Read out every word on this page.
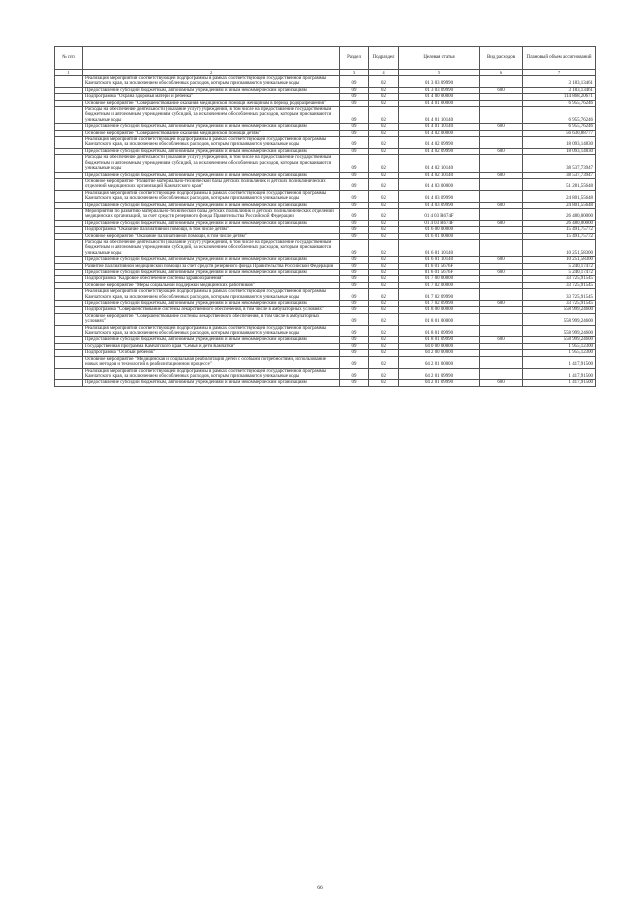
№ п/п		Раздел	Подраздел	Целевая статья	Вид расходов	Плановый объем ассигнований
1	2	3	4	5	6	7
	Реализация мероприятий соответствующей подпрограммы в рамках соответствующей государственной программы Камчатского края, за исключением обособленных расходов, которым присваиваются уникальные коды	09	02	01 3 03 09990		3 183,13461
	Предоставление субсидий бюджетным, автономным учреждениям и иным некоммерческим организациям	09	02	01 3 03 09990	600	3 183,13461
	Подпрограмма "Охрана здоровья матери и ребенка"	09	02	01 4 00 00000		114 868,20671
	Основное мероприятие "Совершенствование оказания медицинской помощи женщинам в период родоразрешения"	09	02	01 4 01 00000		6 955,76246
	Расходы на обеспечение деятельности (оказание услуг) учреждений, в том числе на предоставление государственным бюджетным и автономным учреждениям субсидий, за исключением обособленных расходов, которым присваиваются уникальные коды	09	02	01 4 01 10140		6 955,76246
	Предоставление субсидий бюджетным, автономным учреждениям и иным некоммерческим организациям	09	02	01 4 01 10140	600	6 955,76246
	Основное мероприятие "Совершенствование оказания медицинской помощи детям"	09	02	01 4 02 00000		56 630,88777
	Реализация мероприятий соответствующей подпрограммы в рамках соответствующей государственной программы Камчатского края, за исключением обособленных расходов, которым присваиваются уникальные коды	09	02	01 4 02 09990		18 093,14830
	Предоставление субсидий бюджетным, автономным учреждениям и иным некоммерческим организациям	09	02	01 4 02 09990	600	18 093,14830
	Расходы на обеспечение деятельности (оказание услуг) учреждений, в том числе на предоставление государственным бюджетным и автономным учреждениям субсидий, за исключением обособленных расходов, которым присваиваются уникальные коды	09	02	01 4 02 10140		38 537,73947
	Предоставление субсидий бюджетным, автономным учреждениям и иным некоммерческим организациям	09	02	01 4 02 10140	600	38 537,73947
	Основное мероприятие "Развитие материально-технической базы детских поликлиник и детских поликлинических отделений медицинских организаций Камчатского края"	09	02	01 4 03 00000		51 281,55648
	Реализация мероприятий соответствующей подпрограммы в рамках соответствующей государственной программы Камчатского края, за исключением обособленных расходов, которым присваиваются уникальные коды	09	02	01 4 03 09990		24 801,55648
	Предоставление субсидий бюджетным, автономным учреждениям и иным некоммерческим организациям	09	02	01 4 03 09990	600	24 801,55648
	Мероприятия по развитию материально-технической базы детских поликлиник и детских поликлинических отделений медицинских организаций, за счет средств резервного фонда Правительства Российской Федерации	09	02	01 4 03 R674F		26 480,00000
	Предоставление субсидий бюджетным, автономным учреждениям и иным некоммерческим организациям	09	02	01 4 03 R674F	600	26 480,00000
	Подпрограмма "Оказание паллиативной помощи, в том числе детям"	09	02	01 6 00 00000		15 491,75772
	Основное мероприятие "Оказание паллиативной помощи, в том числе детям"	09	02	01 6 01 00000		15 491,75772
	Расходы на обеспечение деятельности (оказание услуг) учреждений, в том числе на предоставление государственным бюджетным и автономным учреждениям субсидий, за исключением обособленных расходов, которым присваиваются уникальные коды	09	02	01 6 01 10140		10 251,58300
	Предоставление субсидий бюджетным, автономным учреждениям и иным некоммерческим организациям	09	02	01 6 01 10140	600	10 251,58300
	Развитие паллиативной медицинской помощи за счет средств резервного фонда Правительства Российской Федерации	09	02	01 6 01 5676F		5 240,17472
	Предоставление субсидий бюджетным, автономным учреждениям и иным некоммерческим организациям	09	02	01 6 01 5676F	600	5 240,17472
	Подпрограмма "Кадровое обеспечение системы здравоохранения"	09	02	01 7 00 00000		33 725,91545
	Основное мероприятие "Меры социальной поддержки медицинских работников"	09	02	01 7 02 00000		33 725,91545
	Реализация мероприятий соответствующей подпрограммы в рамках соответствующей государственной программы Камчатского края, за исключением обособленных расходов, которым присваиваются уникальные коды	09	02	01 7 02 09990		33 725,91545
	Предоставление субсидий бюджетным, автономным учреждениям и иным некоммерческим организациям	09	02	01 7 02 09990	600	33 725,91545
	Подпрограмма "Совершенствование системы лекарственного обеспечения, в том числе в амбулаторных условиях"	09	02	01 8 00 00000		558 999,24600
	Основное мероприятие "Совершенствование системы лекарственного обеспечения, в том числе в амбулаторных условиях"	09	02	01 8 01 00000		558 999,24600
	Реализация мероприятий соответствующей подпрограммы в рамках соответствующей государственной программы Камчатского края, за исключением обособленных расходов, которым присваиваются уникальные коды	09	02	01 8 01 09990		558 999,24600
	Предоставление субсидий бюджетным, автономным учреждениям и иным некоммерческим организациям	09	02	01 8 01 09990	600	558 999,24600
	Государственная программа Камчатского края "Семья и дети Камчатки"	09	02	04 0 00 00000		1 955,12300
	Подпрограмма "Особый ребенок"	09	02	04 2 00 00000		1 955,12300
	Основное мероприятие "Медицинская и социальная реабилитация детей с особыми потребностями, использование новых методов и технологий в реабилитационном процессе"	09	02	04 2 01 00000		1 417,91500
	Реализация мероприятий соответствующей подпрограммы в рамках соответствующей государственной программы Камчатского края, за исключением обособленных расходов, которым присваиваются уникальные коды	09	02	04 2 01 09990		1 417,91500
	Предоставление субсидий бюджетным, автономным учреждениям и иным некоммерческим организациям	09	02	04 2 01 09990	600	1 417,91500
66
